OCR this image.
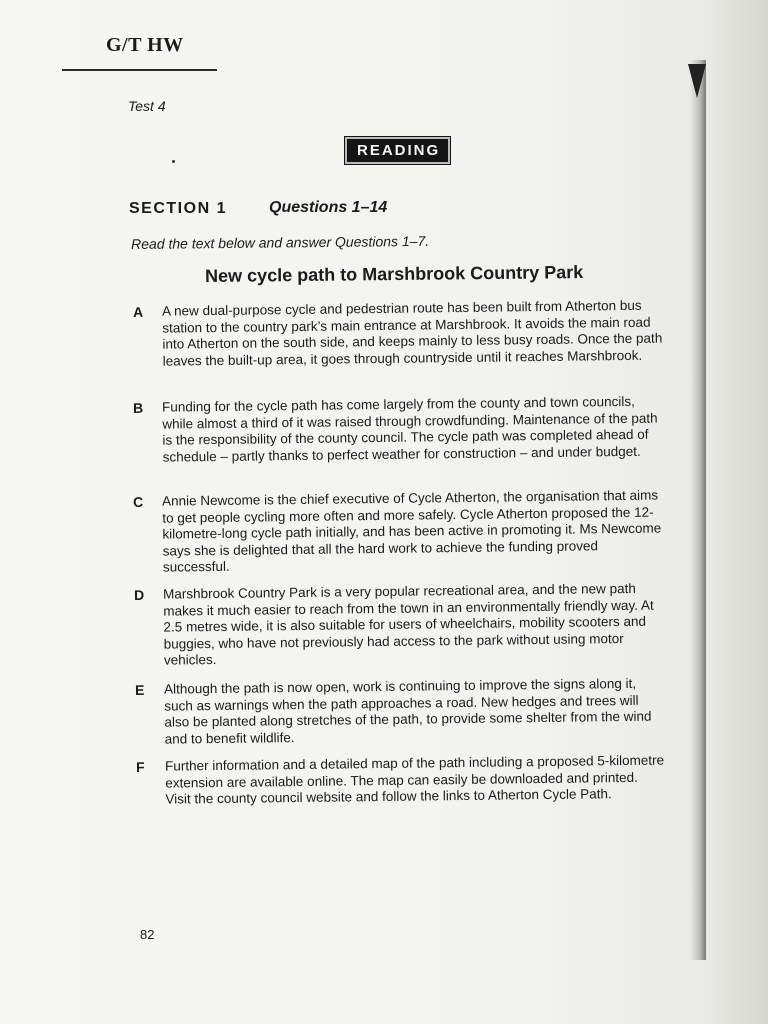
G/T HW
Test 4
READING
SECTION 1	Questions 1–14
Read the text below and answer Questions 1–7.
New cycle path to Marshbrook Country Park
A A new dual-purpose cycle and pedestrian route has been built from Atherton bus station to the country park’s main entrance at Marshbrook. It avoids the main road into Atherton on the south side, and keeps mainly to less busy roads. Once the path leaves the built-up area, it goes through countryside until it reaches Marshbrook.
B Funding for the cycle path has come largely from the county and town councils, while almost a third of it was raised through crowdfunding. Maintenance of the path is the responsibility of the county council. The cycle path was completed ahead of schedule – partly thanks to perfect weather for construction – and under budget.
C Annie Newcome is the chief executive of Cycle Atherton, the organisation that aims to get people cycling more often and more safely. Cycle Atherton proposed the 12-kilometre-long cycle path initially, and has been active in promoting it. Ms Newcome says she is delighted that all the hard work to achieve the funding proved successful.
D Marshbrook Country Park is a very popular recreational area, and the new path makes it much easier to reach from the town in an environmentally friendly way. At 2.5 metres wide, it is also suitable for users of wheelchairs, mobility scooters and buggies, who have not previously had access to the park without using motor vehicles.
E Although the path is now open, work is continuing to improve the signs along it, such as warnings when the path approaches a road. New hedges and trees will also be planted along stretches of the path, to provide some shelter from the wind and to benefit wildlife.
F Further information and a detailed map of the path including a proposed 5-kilometre extension are available online. The map can easily be downloaded and printed. Visit the county council website and follow the links to Atherton Cycle Path.
82
